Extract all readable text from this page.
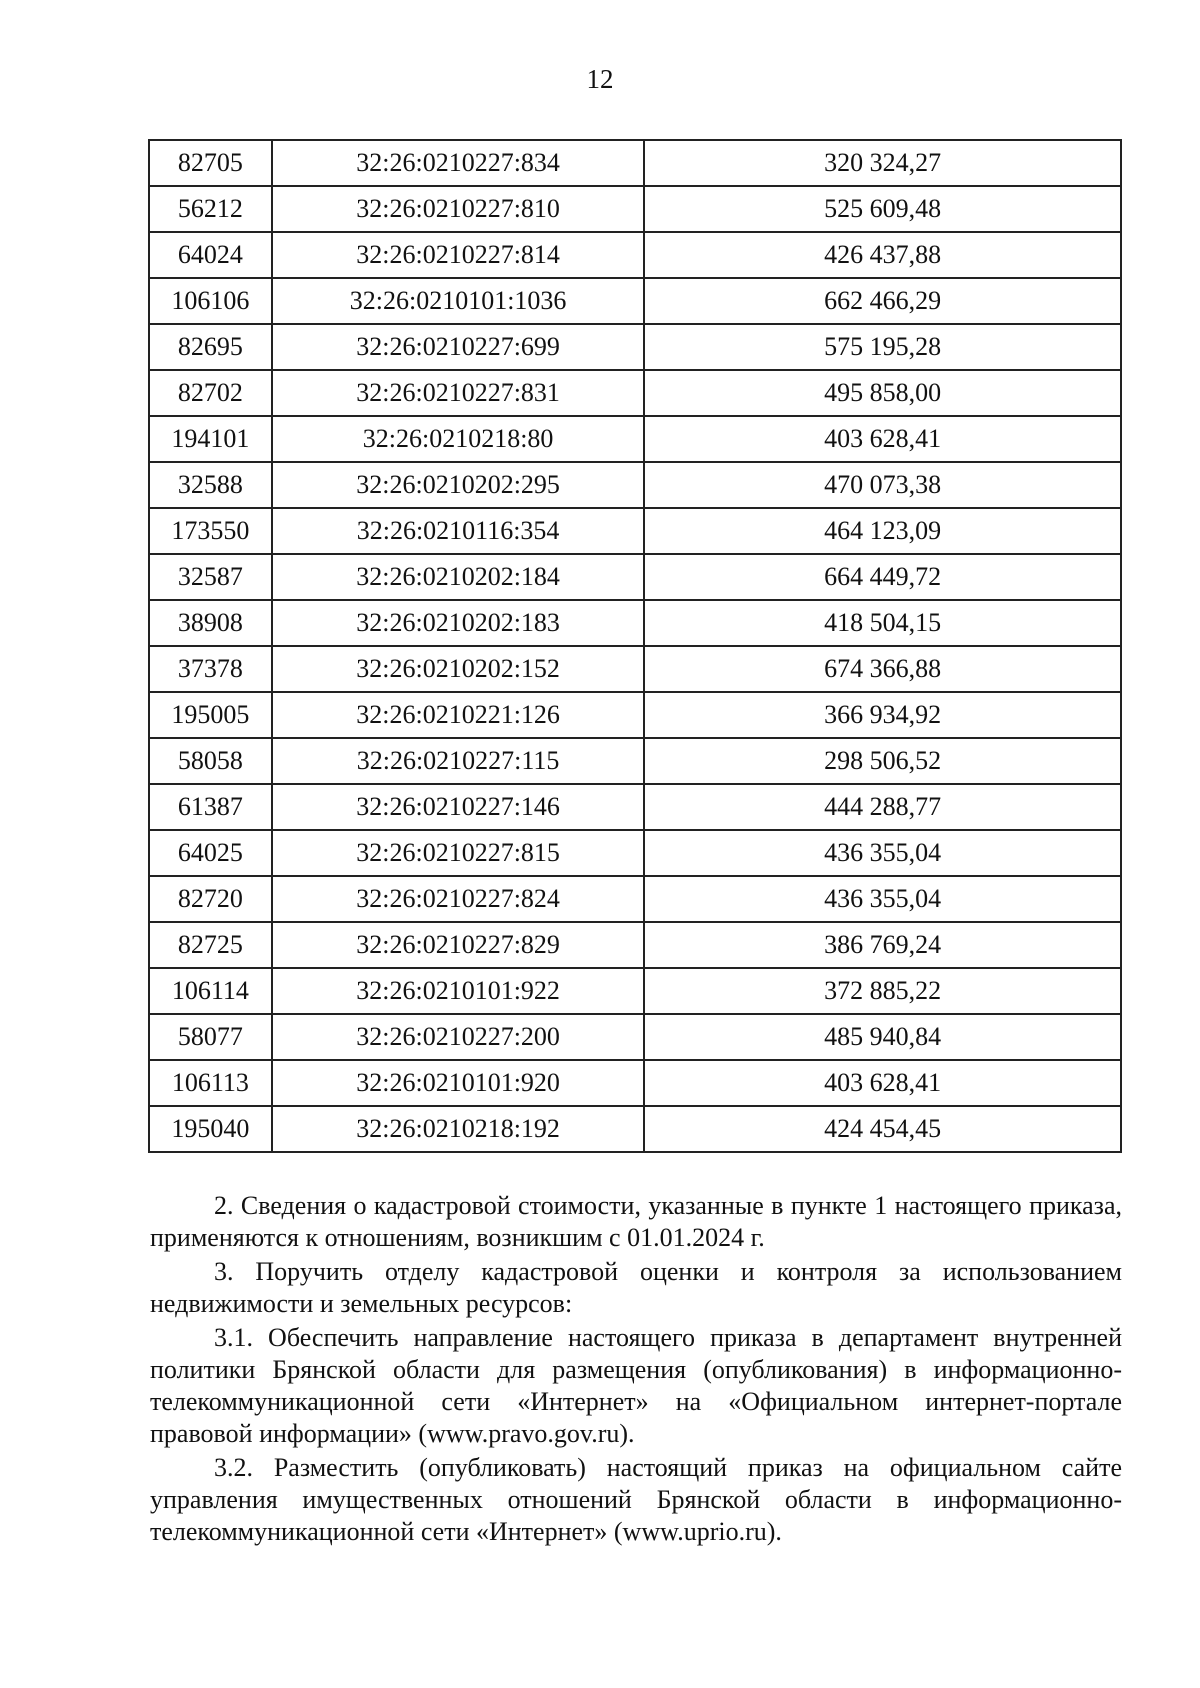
12
82705	32:26:0210227:834	320 324,27
56212	32:26:0210227:810	525 609,48
64024	32:26:0210227:814	426 437,88
106106	32:26:0210101:1036	662 466,29
82695	32:26:0210227:699	575 195,28
82702	32:26:0210227:831	495 858,00
194101	32:26:0210218:80	403 628,41
32588	32:26:0210202:295	470 073,38
173550	32:26:0210116:354	464 123,09
32587	32:26:0210202:184	664 449,72
38908	32:26:0210202:183	418 504,15
37378	32:26:0210202:152	674 366,88
195005	32:26:0210221:126	366 934,92
58058	32:26:0210227:115	298 506,52
61387	32:26:0210227:146	444 288,77
64025	32:26:0210227:815	436 355,04
82720	32:26:0210227:824	436 355,04
82725	32:26:0210227:829	386 769,24
106114	32:26:0210101:922	372 885,22
58077	32:26:0210227:200	485 940,84
106113	32:26:0210101:920	403 628,41
195040	32:26:0210218:192	424 454,45

2. Сведения о кадастровой стоимости, указанные в пункте 1 настоящего приказа, применяются к отношениям, возникшим с 01.01.2024 г.

3. Поручить отделу кадастровой оценки и контроля за использованием недвижимости и земельных ресурсов:

3.1. Обеспечить направление настоящего приказа в департамент внутренней политики Брянской области для размещения (опубликования) в информационно-телекоммуникационной сети «Интернет» на «Официальном интернет-портале правовой информации» (www.pravo.gov.ru).

3.2. Разместить (опубликовать) настоящий приказ на официальном сайте управления имущественных отношений Брянской области в информационно-телекоммуникационной сети «Интернет» (www.uprio.ru).
